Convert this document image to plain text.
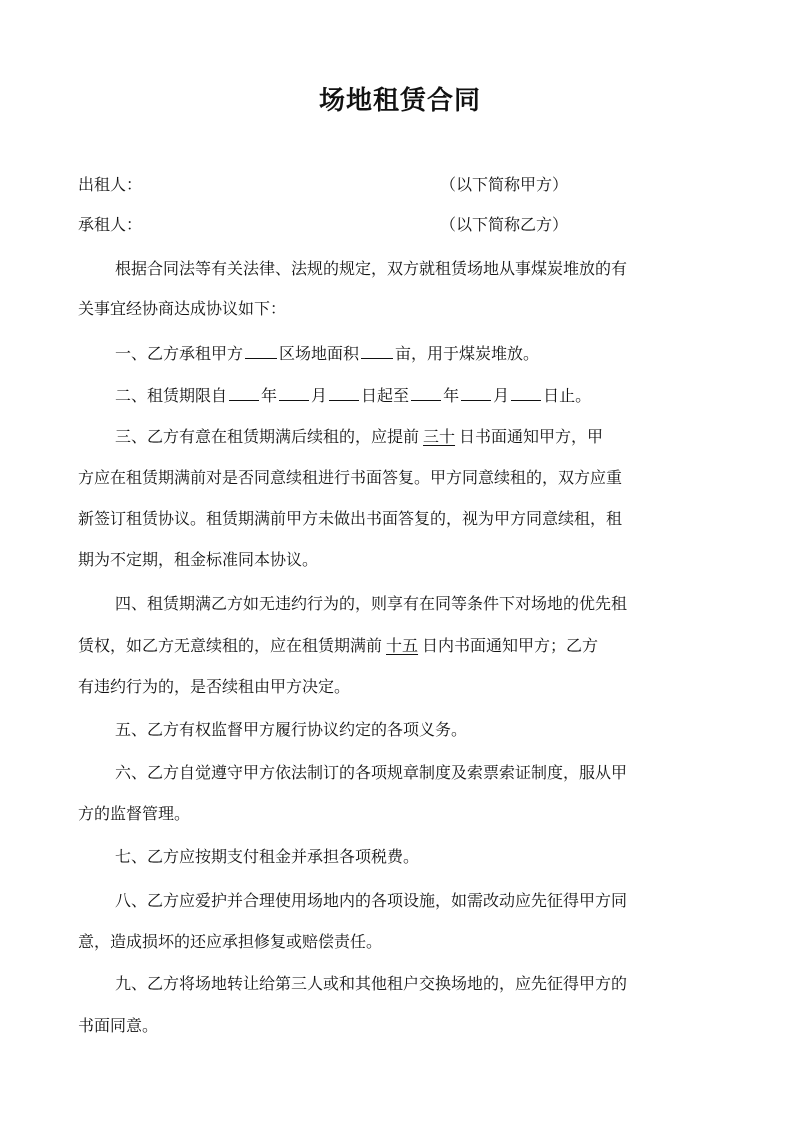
场地租赁合同

出租人：	（以下简称甲方）

承租人：	（以下简称乙方）

根据合同法等有关法律、法规的规定，双方就租赁场地从事煤炭堆放的有

关事宜经协商达成协议如下：

一、乙方承租甲方 区场地面积 亩，用于煤炭堆放。

二、租赁期限自 年 月 日起至 年 月 日止。

三、乙方有意在租赁期满后续租的，应提前 三十 日书面通知甲方，甲

方应在租赁期满前对是否同意续租进行书面答复。甲方同意续租的，双方应重

新签订租赁协议。租赁期满前甲方未做出书面答复的，视为甲方同意续租，租

期为不定期，租金标准同本协议。

四、租赁期满乙方如无违约行为的，则享有在同等条件下对场地的优先租

赁权，如乙方无意续租的，应在租赁期满前 十五 日内书面通知甲方；乙方

有违约行为的，是否续租由甲方决定。

五、乙方有权监督甲方履行协议约定的各项义务。

六、乙方自觉遵守甲方依法制订的各项规章制度及索票索证制度，服从甲

方的监督管理。

七、乙方应按期支付租金并承担各项税费。

八、乙方应爱护并合理使用场地内的各项设施，如需改动应先征得甲方同

意，造成损坏的还应承担修复或赔偿责任。

九、乙方将场地转让给第三人或和其他租户交换场地的，应先征得甲方的

书面同意。
